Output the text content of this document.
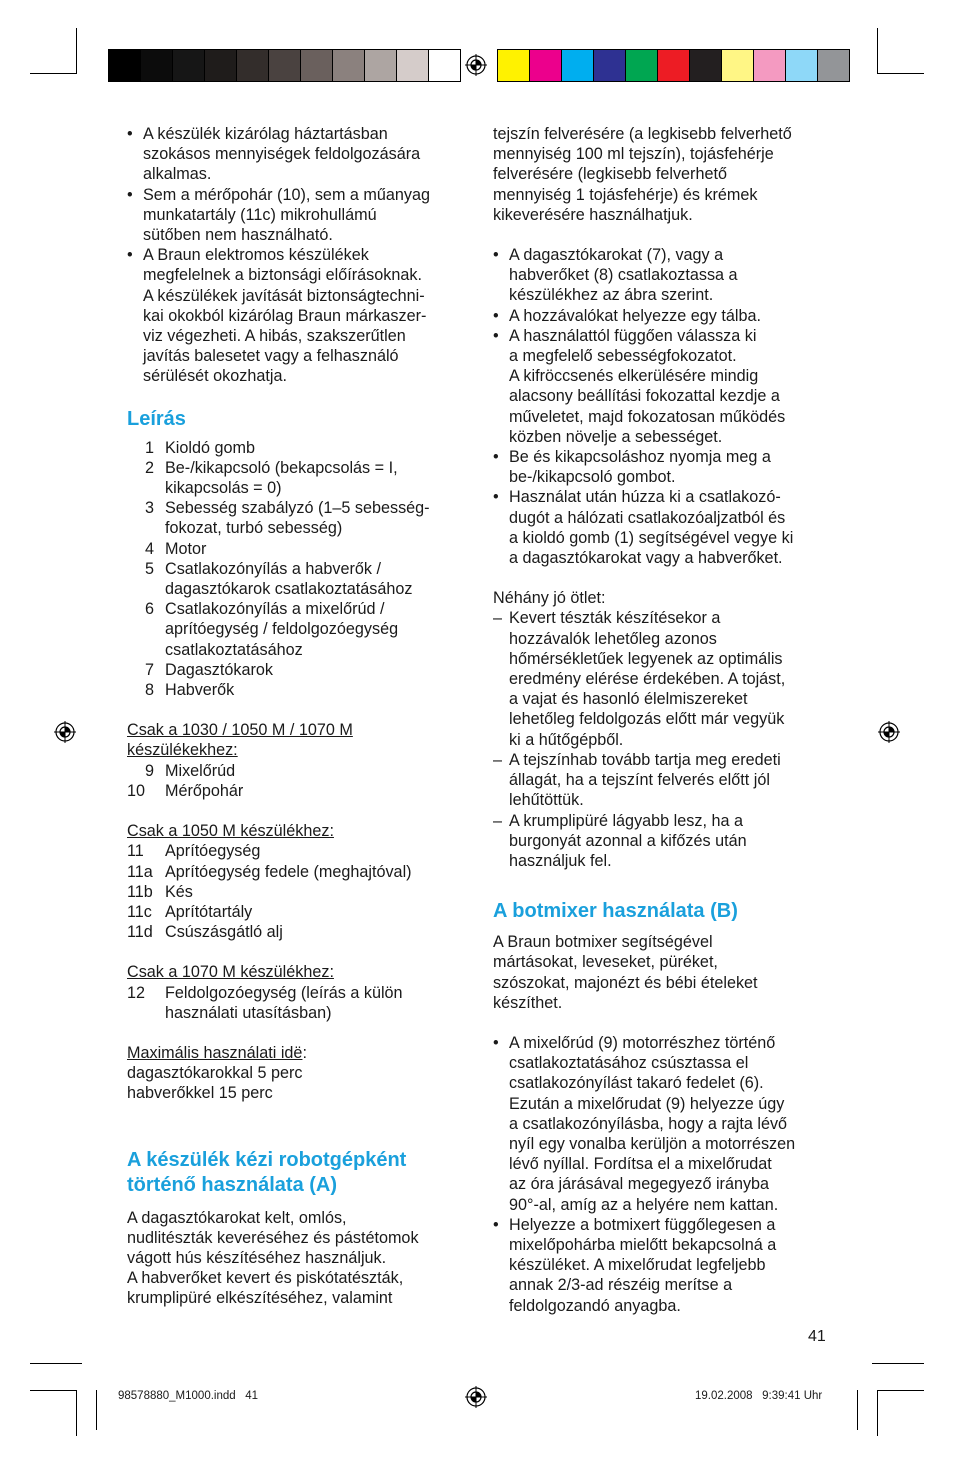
• A készülék kizárólag háztartásban
szokásos mennyiségek feldolgozására
alkalmas.
• Sem a mérőpohár (10), sem a műanyag
munkatartály (11c) mikrohullámú
sütőben nem használható.
• A Braun elektromos készülékek
megfelelnek a biztonsági előírásoknak.
A készülékek javítását biztonságtechni-
kai okokból kizárólag Braun márkaszer-
viz végezheti. A hibás, szakszerűtlen
javítás balesetet vagy a felhasználó
sérülését okozhatja.

Leírás

1 Kioldó gomb
2 Be-/kikapcsoló (bekapcsolás = I,
kikapcsolás = 0)
3 Sebesség szabályzó (1–5 sebesség-
fokozat, turbó sebesség)
4 Motor
5 Csatlakozónyílás a habverők /
dagasztókarok csatlakoztatásához
6 Csatlakozónyílás a mixelőrúd /
aprítóegység / feldolgozóegység
csatlakoztatásához
7 Dagasztókarok
8 Habverők

Csak a 1030 / 1050 M / 1070 M
készülékekhez:

9 Mixelőrúd
10	Mérőpohár

Csak a 1050 M készülékhez:

11	Aprítóegység
11a Aprítóegység fedele (meghajtóval)
11b Kés
11c Aprítótartály
11d Csúszásgátló alj

Csak a 1070 M készülékhez:

12	Feldolgozóegység (leírás a külön
használati utasításban)

Maximális használati idë:

dagasztókarokkal 5 perc
habverőkkel 15 perc

A készülék kézi robotgépként
történő használata (A)

A dagasztókarokat kelt, omlós,
nudlitészták keveréséhez és pástétomok
vágott hús készítéséhez használjuk.
A habverőket kevert és piskótatészták,
krumplipüré elkészítéséhez, valamint

tejszín felverésére (a legkisebb felverhető
mennyiség 100 ml tejszín), tojásfehérje
felverésére (legkisebb felverhető
mennyiség 1 tojásfehérje) és krémek
kikeverésére használhatjuk.

• A dagasztókarokat (7), vagy a
habverőket (8) csatlakoztassa a
készülékhez az ábra szerint.
• A hozzávalókat helyezze egy tálba.
• A használattól függően válassza ki
a megfelelő sebességfokozatot.
A kifröccsenés elkerülésére mindig
alacsony beállítási fokozattal kezdje a
műveletet, majd fokozatosan működés
közben növelje a sebességet.
• Be és kikapcsoláshoz nyomja meg a
be-/kikapcsoló gombot.
• Használat után húzza ki a csatlakozó-
dugót a hálózati csatlakozóaljzatból és
a kioldó gomb (1) segítségével vegye ki
a dagasztókarokat vagy a habverőket.

Néhány jó ötlet:

– Kevert tészták készítésekor a
hozzávalók lehetőleg azonos
hőmérsékletűek legyenek az optimális
eredmény elérése érdekében. A tojást,
a vajat és hasonló élelmiszereket
lehetőleg feldolgozás előtt már vegyük
ki a hűtőgépből.
– A tejszínhab tovább tartja meg eredeti
állagát, ha a tejszínt felverés előtt jól
lehűtöttük.
– A krumplipüré lágyabb lesz, ha a
burgonyát azonnal a kifőzés után
használjuk fel.

A botmixer használata (B)

A Braun botmixer segítségével
mártásokat, leveseket, püréket,
szószokat, majonézt és bébi ételeket
készíthet.

• A mixelőrúd (9) motorrészhez történő
csatlakoztatásához csúsztassa el
csatlakozónyílást takaró fedelet (6).
Ezután a mixelőrudat (9) helyezze úgy
a csatlakozónyílásba, hogy a rajta lévő
nyíl egy vonalba kerüljön a motorrészen
lévő nyíllal. Fordítsa el a mixelőrudat
az óra járásával megegyező irányba
90°-al, amíg az a helyére nem kattan.
• Helyezze a botmixert függőlegesen a
mixelőpohárba mielőtt bekapcsolná a
készüléket. A mixelőrudat legfeljebb
annak 2/3-ad részéig merítse a
feldolgozandó anyagba.
41
98578880_M1000.indd   41	19.02.2008   9:39:41 Uhr
